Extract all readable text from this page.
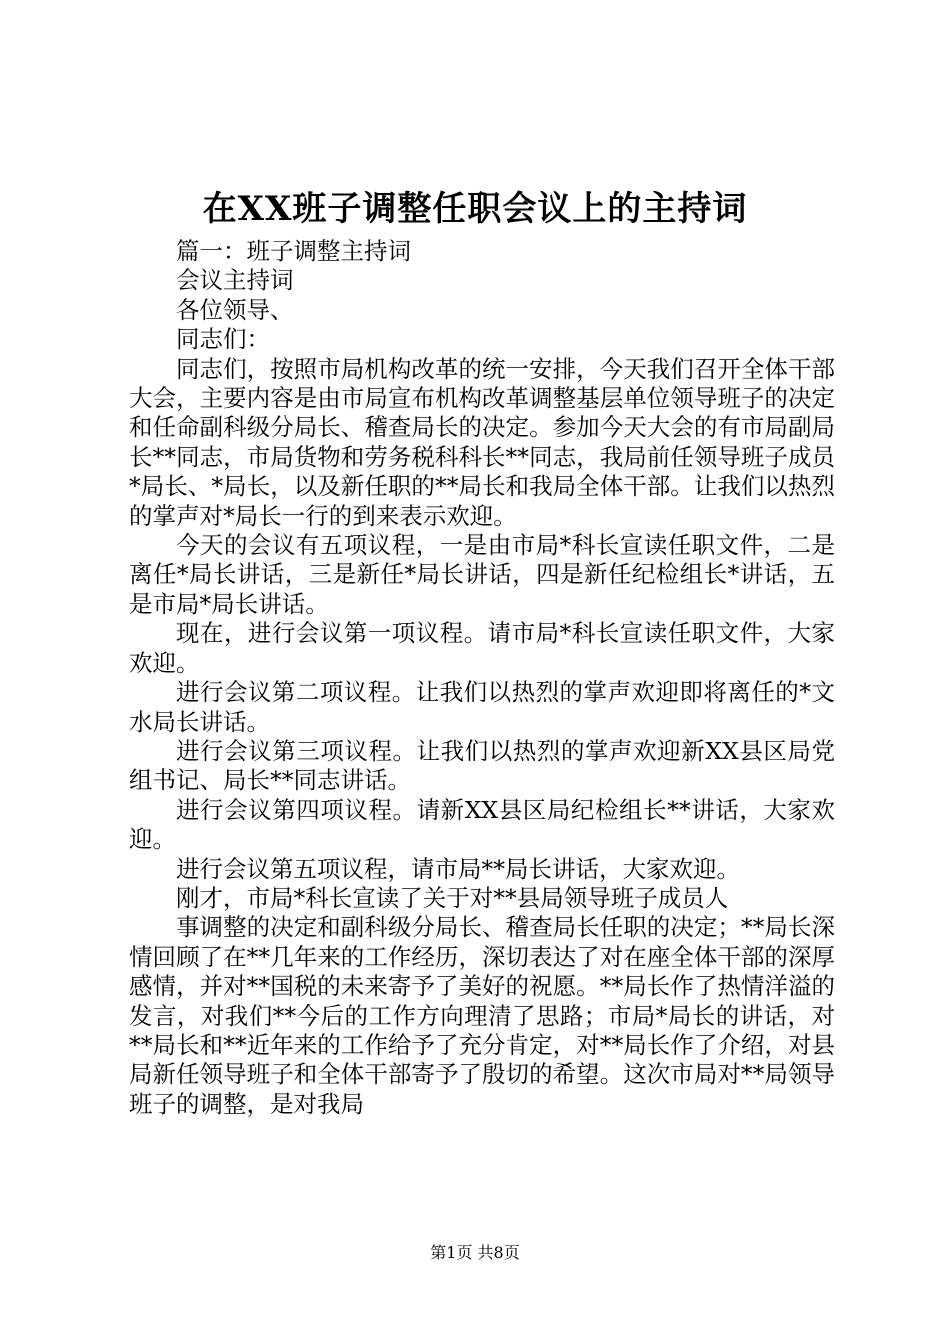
在XX班子调整任职会议上的主持词

篇一：班子调整主持词

会议主持词

各位领导、

同志们：

同志们，按照市局机构改革的统一安排，今天我们召开全体干部大会，主要内容是由市局宣布机构改革调整基层单位领导班子的决定和任命副科级分局长、稽查局长的决定。参加今天大会的有市局副局长**同志，市局货物和劳务税科科长**同志，我局前任领导班子成员*局长、*局长，以及新任职的**局长和我局全体干部。让我们以热烈的掌声对*局长一行的到来表示欢迎。

今天的会议有五项议程，一是由市局*科长宣读任职文件，二是离任*局长讲话，三是新任*局长讲话，四是新任纪检组长*讲话，五是市局*局长讲话。

现在，进行会议第一项议程。请市局*科长宣读任职文件，大家欢迎。

进行会议第二项议程。让我们以热烈的掌声欢迎即将离任的*文水局长讲话。

进行会议第三项议程。让我们以热烈的掌声欢迎新XX县区局党组书记、局长**同志讲话。

进行会议第四项议程。请新XX县区局纪检组长**讲话，大家欢迎。

进行会议第五项议程，请市局**局长讲话，大家欢迎。

刚才，市局*科长宣读了关于对**县局领导班子成员人

事调整的决定和副科级分局长、稽查局长任职的决定；**局长深情回顾了在**几年来的工作经历，深切表达了对在座全体干部的深厚感情，并对**国税的未来寄予了美好的祝愿。**局长作了热情洋溢的发言，对我们**今后的工作方向理清了思路；市局*局长的讲话，对**局长和**近年来的工作给予了充分肯定，对**局长作了介绍，对县局新任领导班子和全体干部寄予了殷切的希望。这次市局对**局领导班子的调整，是对我局

第1页 共8页
